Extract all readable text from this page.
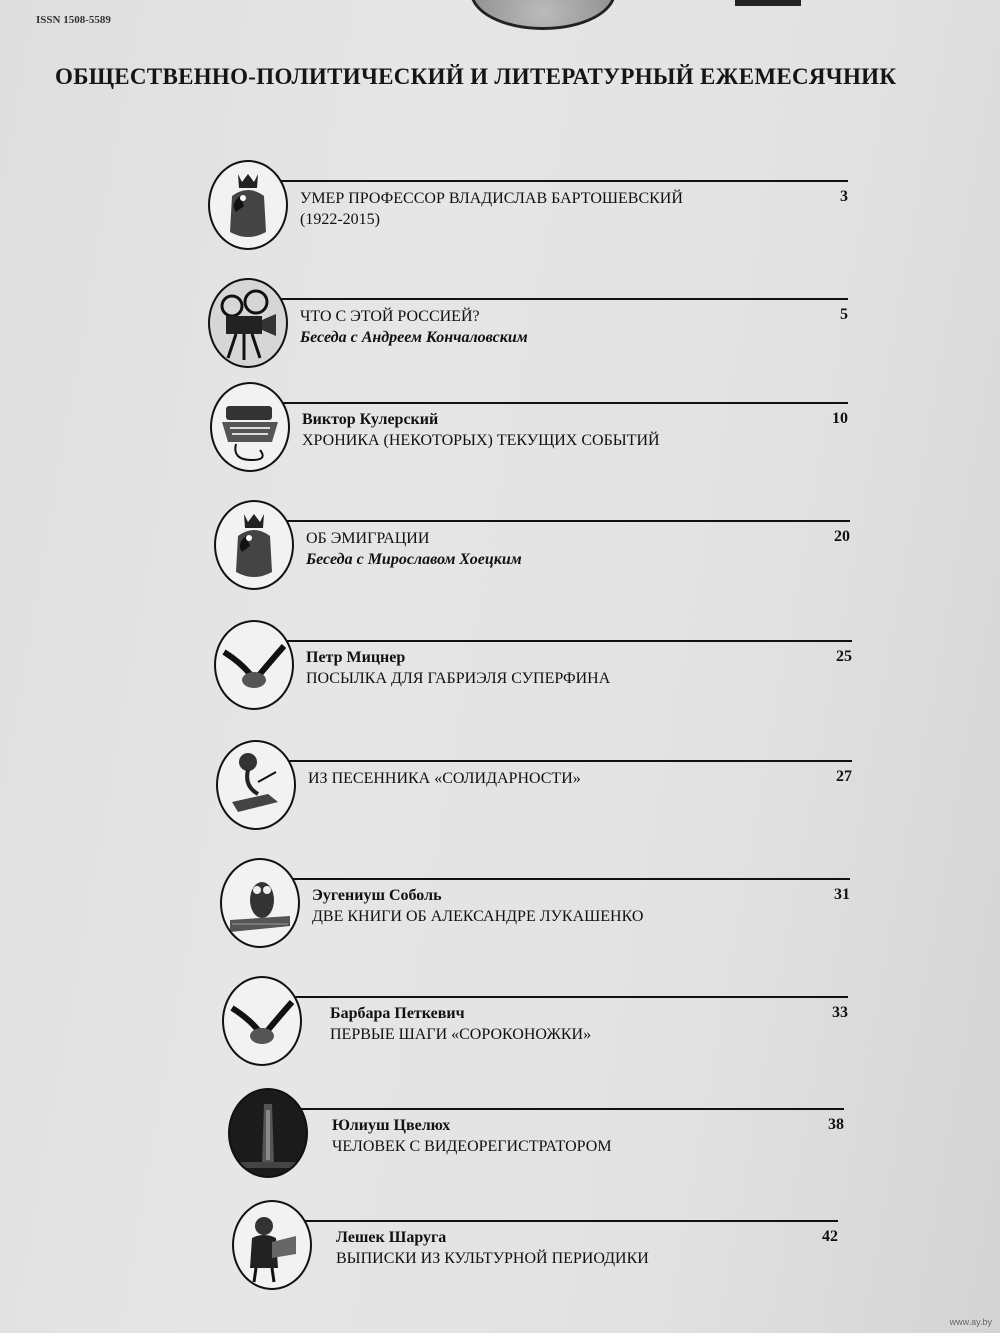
ISSN 1508-5589
ОБЩЕСТВЕННО-ПОЛИТИЧЕСКИЙ И ЛИТЕРАТУРНЫЙ ЕЖЕМЕСЯЧНИК
УМЕР ПРОФЕССОР ВЛАДИСЛАВ БАРТОШЕВСКИЙ
(1922-2015)
3
ЧТО С ЭТОЙ РОССИЕЙ?
Беседа с Андреем Кончаловским
5
Виктор Кулерский
ХРОНИКА (НЕКОТОРЫХ) ТЕКУЩИХ СОБЫТИЙ
10
ОБ ЭМИГРАЦИИ
Беседа с Мирославом Хоецким
20
Петр Мицнер
ПОСЫЛКА ДЛЯ ГАБРИЭЛЯ СУПЕРФИНА
25
ИЗ ПЕСЕННИКА «СОЛИДАРНОСТИ»	27
Эугениуш Соболь
ДВЕ КНИГИ ОБ АЛЕКСАНДРЕ ЛУКАШЕНКО
31
Барбара Петкевич
ПЕРВЫЕ ШАГИ «СОРОКОНОЖКИ»
33
Юлиуш Цвелюх
ЧЕЛОВЕК С ВИДЕОРЕГИСТРАТОРОМ
38
Лешек Шаруга
ВЫПИСКИ ИЗ КУЛЬТУРНОЙ ПЕРИОДИКИ
42
www.ay.by
